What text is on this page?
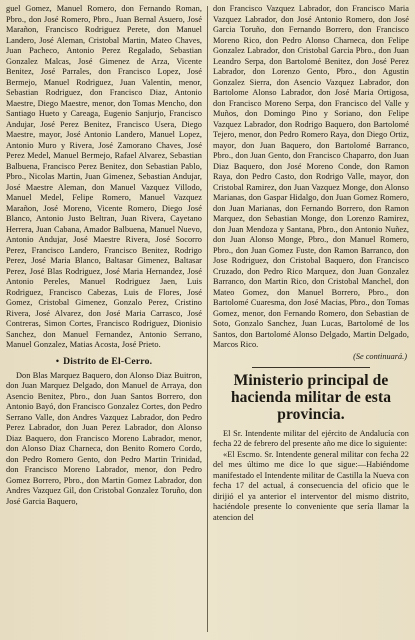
guel Gomez, Manuel Romero, don Fernando Roman, Pbro., don José Romero, Pbro., Juan Bernal Asuero, José Marañon, Francisco Rodriguez Perete, don Manuel Landero, José Aleman, Cristobal Martin, Mateo Chaves, Juan Pacheco, Antonio Perez Regalado, Sebastian Gonzalez Malcas, José Gimenez de Arza, Vicente Benitez, José Parrales, don Francisco Lopez, José Bermejo, Manuel Rodriguez, Juan Valentin, menor, Sebastian Rodriguez, don Francisco Diaz, Antonio Maestre, Diego Maestre, menor, don Tomas Mencho, don Santiago Hueto y Careaga, Eugenio Sanjurjo, Francisco Andujar, José Perez Benitez, Francisco Usera, Diego Maestre, mayor, José Antonio Landero, Manuel Lopez, Antonio Muro y Rivera, José Zamorano Chaves, José Perez Medel, Manuel Bermejo, Rafael Alvarez, Sebastian Balbuena, Francisco Perez Benitez, don Sebastian Pablo, Pbro., Nicolas Martin, Juan Gimenez, Sebastian Andujar, José Maestre Aleman, don Manuel Vazquez Villodo, Manuel Medel, Felipe Romero, Manuel Vazquez Marañon, José Moreno, Vicente Romero, Diego José Blanco, Antonio Justo Beltran, Juan Rivera, Cayetano Herrera, Juan Cabana, Amador Balbuena, Manuel Nuevo, Antonio Andujar, José Maestre Rivera, José Socorro Perez, Francisco Landero, Francisco Benitez, Rodrigo Perez, José Maria Blanco, Baltasar Gimenez, Baltasar Perez, José Blas Rodriguez, José Maria Hernandez, José Antonio Pereles, Manuel Rodriguez Jaen, Luis Rodriguez, Francisco Cabezas, Luis de Flores, José Gomez, Cristobal Gimenez, Gonzalo Perez, Cristino Rivera, José Alvarez, don José Maria Carrasco, José Contreras, Simon Cortes, Francisco Rodriguez, Dionisio Sanchez, don Manuel Fernandez, Antonio Serrano, Manuel Gonzalez, Matias Acosta, José Prieto.

• Distrito de El-Cerro.

Don Blas Marquez Baquero, don Alonso Diaz Buitron, don Juan Marquez Delgado, don Manuel de Arraya, don Asencio Benitez, Pbro., don Juan Santos Borrero, don Antonio Bayó, don Francisco Gonzalez Cortes, don Pedro Serrano Valle, don Andres Vazquez Labrador, don Pedro Perez Labrador, don Juan Perez Labrador, don Alonso Diaz Baquero, don Francisco Moreno Labrador, menor, don Alonso Diaz Charneca, don Benito Romero Cordo, don Pedro Romero Gento, don Pedro Martin Trinidad, don Francisco Moreno Labrador, menor, don Pedro Gomez Borrero, Pbro., don Martin Gomez Labrador, don Andres Vazquez Gil, don Cristobal Gonzalez Toruño, don José Garcia Baquero,

don Francisco Vazquez Labrador, don Francisco Maria Vazquez Labrador, don José Antonio Romero, don José Garcia Toruño, don Fernando Borrero, don Francisco Moreno Rico, don Pedro Alonso Charneca, don Felipe Gonzalez Labrador, don Cristobal Garcia Pbro., don Juan Leandro Serpa, don Bartolomé Benitez, don José Perez Labrador, don Lorenzo Gento, Pbro., don Agustin Gonzalez Sierra, don Asencio Vazquez Labrador, don Bartolome Alonso Labrador, don José Maria Ortigosa, don Francisco Moreno Serpa, don Francisco del Valle y Muños, don Domingo Pino y Soriano, don Felipe Vazquez Labrador, don Rodrigo Baquero, don Bartolomé Tejero, menor, don Pedro Romero Raya, don Diego Ortiz, mayor, don Juan Baquero, don Bartolomé Barranco, Pbro., don Juan Gento, don Francisco Chaparro, don Juan Diaz Baquero, don José Moreno Conde, don Ramon Raya, don Pedro Casto, don Rodrigo Valle, mayor, don Cristobal Ramirez, don Juan Vazquez Monge, don Alonso Marianas, don Gaspar Hidalgo, don Juan Gomez Romero, don Juan Marianas, don Fernando Borrero, don Ramon Marquez, don Sebastian Monge, don Lorenzo Ramirez, don Juan Mendoza y Santana, Pbro., don Antonio Nuñez, don Juan Alonso Monge, Pbro., don Manuel Romero, Pbro., don Juan Gomez Fuste, don Ramon Barranco, don Jose Rodriguez, don Cristobal Baquero, don Francisco Cruzado, don Pedro Rico Marquez, don Juan Gonzalez Barranco, don Martin Rico, don Cristobal Manchel, don Mateo Gomez, don Manuel Borrero, Pbro., don Bartolomé Cuaresma, don José Macias, Pbro., don Tomas Gomez, menor, don Fernando Romero, don Sebastian de Soto, Gonzalo Sanchez, Juan Lucas, Bartolomé de los Santos, don Bartolomé Alonso Delgado, Martin Delgado, Marcos Rico.

(Se continuará.)
Ministerio principal de hacienda militar de esta provincia.

El Sr. Intendente militar del ejército de Andalucía con fecha 22 de febrero del presente año me dice lo siguiente:

«El Escmo. Sr. Intendente general militar con fecha 22 del mes último me dice lo que sigue:—Habiéndome manifestado el Intendente militar de Castilla la Nueva con fecha 17 del actual, á consecuencia del oficio que le dirijió el ya anterior el interventor del mismo distrito, haciéndole presente lo conveniente que sería llamar la atencion del
